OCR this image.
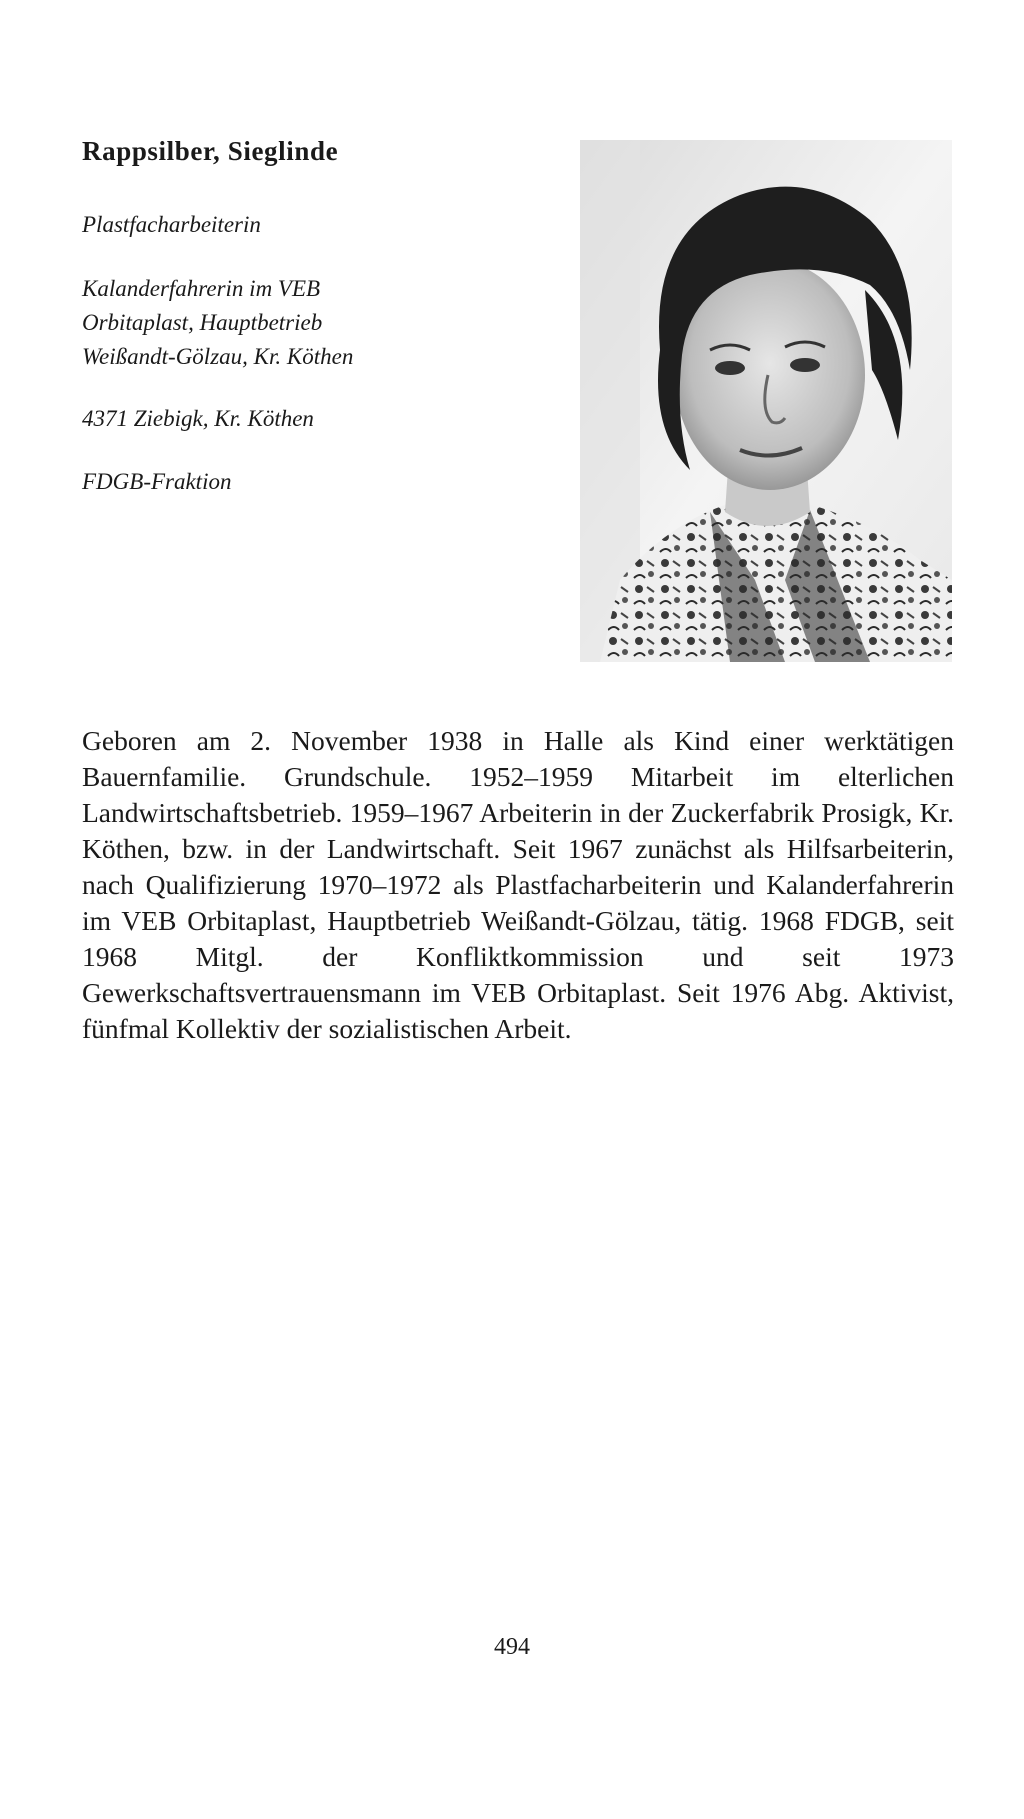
Rappsilber, Sieglinde

Plastfacharbeiterin

Kalanderfahrerin im VEB
Orbitaplast, Hauptbetrieb
Weißandt-Gölzau, Kr. Köthen

4371 Ziebigk, Kr. Köthen

FDGB-Fraktion

Geboren am 2. November 1938 in Halle als Kind einer werktätigen Bauernfamilie. Grundschule. 1952–1959 Mitarbeit im elterlichen Landwirtschaftsbetrieb. 1959–1967 Arbeiterin in der Zuckerfabrik Prosigk, Kr. Köthen, bzw. in der Landwirtschaft. Seit 1967 zunächst als Hilfsarbeiterin, nach Qualifizierung 1970–1972 als Plastfacharbeiterin und Kalanderfahrerin im VEB Orbitaplast, Hauptbetrieb Weißandt-Gölzau, tätig. 1968 FDGB, seit 1968 Mitgl. der Konfliktkommission und seit 1973 Gewerkschaftsvertrauensmann im VEB Orbitaplast. Seit 1976 Abg. Aktivist, fünfmal Kollektiv der sozialistischen Arbeit.

494
